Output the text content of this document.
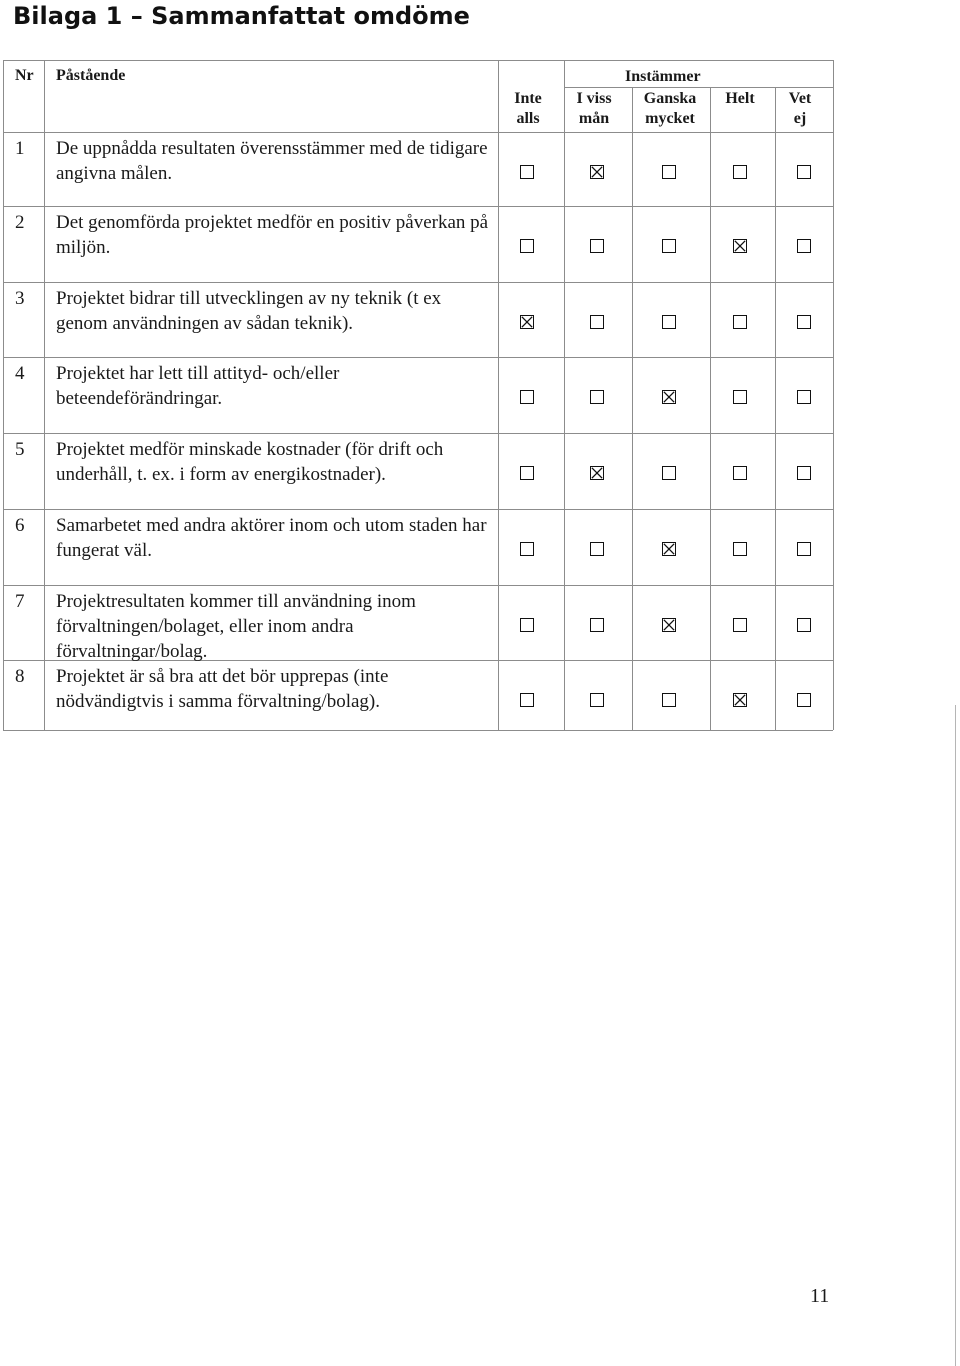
Bilaga 1 – Sammanfattat omdöme
Nr Påstående	Instämmer
Inte
alls
I viss
mån
Ganska
mycket
Helt	Vet
ej
1 De uppnådda resultaten överensstämmer med de tidigare angivna målen.
2 Det genomförda projektet medför en positiv påverkan på miljön.
3 Projektet bidrar till utvecklingen av ny teknik (t ex genom användningen av sådan teknik).
4 Projektet har lett till attityd- och/eller beteendeförändringar.
5 Projektet medför minskade kostnader (för drift och underhåll, t. ex. i form av energikostnader).
6 Samarbetet med andra aktörer inom och utom staden har fungerat väl.
7 Projektresultaten kommer till användning inom förvaltningen/bolaget, eller inom andra förvaltningar/bolag.
8 Projektet är så bra att det bör upprepas (inte nödvändigtvis i samma förvaltning/bolag).
11
